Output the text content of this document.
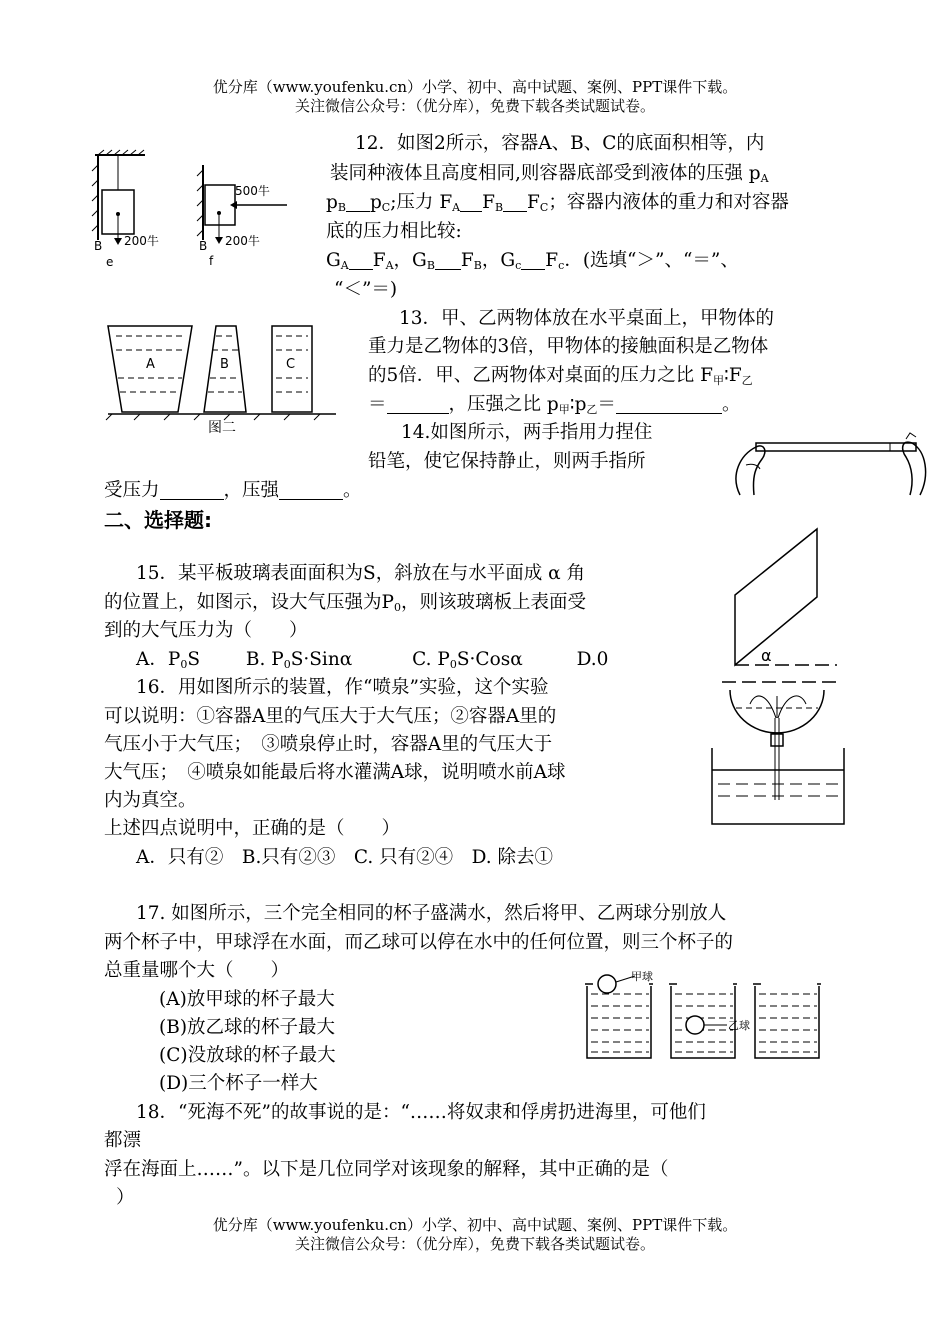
优分库（www.youfenku.cn）小学、初中、高中试题、案例、PPT课件下载。
关注微信公众号：（优分库），免费下载各类试题试卷。
200牛
B
e
500牛
200牛
B
f
A	B	C
图二
α
甲球
乙球
12．如图2所示，容器A、B、C的底面积相等，内
装同种液体且高度相同,则容器底部受到液体的压强 $p_A$
$p_B$ $p_C$;压力 $F_A$ $F_B$ $F_C$；容器内液体的重力和对容器
底的压力相比较:
$G_A$ $F_A$，$G_B$ $F_B$，$G_c$ $F_c$．(选填“＞”、“＝”、
“＜”＝)
13．甲、乙两物体放在水平桌面上，甲物体的
重力是乙物体的3倍，甲物体的接触面积是乙物体
的5倍．甲、乙两物体对桌面的压力之比 $F_甲∶F_乙$
＝	，压强之比 $p_甲∶p_乙=$	。
14.如图所示，两手指用力捏住
铅笔，使它保持静止，则两手指所
受压力	，压强	。
二、选择题:
15．某平板玻璃表面面积为S，斜放在与水平面成 α 角
的位置上，如图示，设大气压强为$P_0$，则该玻璃板上表面受
到的大气压力为（　　）
A．$P_0S$ B. $P_0S\cdot Sin\alpha$	C. $P_0S\cdot Cos\alpha$	D.0
16．用如图所示的装置，作“喷泉”实验，这个实验
可以说明：①容器A里的气压大于大气压；②容器A里的
气压小于大气压；　③喷泉停止时，容器A里的气压大于
大气压；　④喷泉如能最后将水灌满A球，说明喷水前A球
内为真空。
上述四点说明中，正确的是（　　）
A．只有②　B.只有②③　C. 只有②④　D. 除去①
17. 如图所示，三个完全相同的杯子盛满水，然后将甲、乙两球分别放人
两个杯子中，甲球浮在水面，而乙球可以停在水中的任何位置，则三个杯子的
总重量哪个大（　　）
(A)放甲球的杯子最大
(B)放乙球的杯子最大
(C)没放球的杯子最大
(D)三个杯子一样大
18．“死海不死”的故事说的是：“……将奴隶和俘虏扔进海里，可他们
都漂
浮在海面上……”。以下是几位同学对该现象的解释，其中正确的是（
）
优分库（www.youfenku.cn）小学、初中、高中试题、案例、PPT课件下载。
关注微信公众号：（优分库），免费下载各类试题试卷。
